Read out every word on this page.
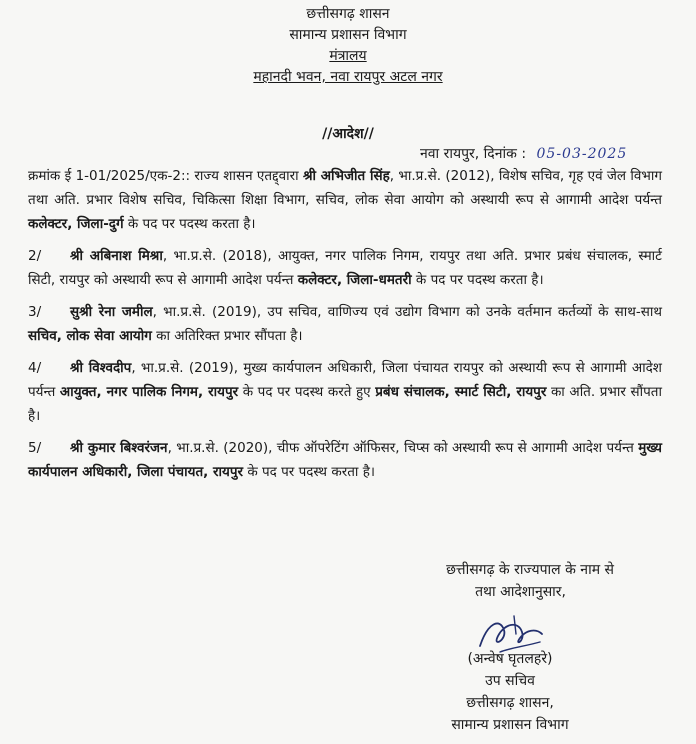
छत्तीसगढ़ शासन
सामान्य प्रशासन विभाग
मंत्रालय
महानदी भवन, नवा रायपुर अटल नगर
//आदेश//
नवा रायपुर, दिनांक : 05-03-2025

क्रमांक ई 1-01/2025/एक-2:: राज्य शासन एतद्द्वारा श्री अभिजीत सिंह, भा.प्र.से. (2012), विशेष सचिव, गृह एवं जेल विभाग तथा अति. प्रभार विशेष सचिव, चिकित्सा शिक्षा विभाग, सचिव, लोक सेवा आयोग को अस्थायी रूप से आगामी आदेश पर्यन्त कलेक्टर, जिला-दुर्ग के पद पर पदस्थ करता है।

2/ श्री अबिनाश मिश्रा, भा.प्र.से. (2018), आयुक्त, नगर पालिक निगम, रायपुर तथा अति. प्रभार प्रबंध संचालक, स्मार्ट सिटी, रायपुर को अस्थायी रूप से आगामी आदेश पर्यन्त कलेक्टर, जिला-धमतरी के पद पर पदस्थ करता है।

3/ सुश्री रेना जमील, भा.प्र.से. (2019), उप सचिव, वाणिज्य एवं उद्योग विभाग को उनके वर्तमान कर्तव्यों के साथ-साथ सचिव, लोक सेवा आयोग का अतिरिक्त प्रभार सौंपता है।

4/ श्री विश्वदीप, भा.प्र.से. (2019), मुख्य कार्यपालन अधिकारी, जिला पंचायत रायपुर को अस्थायी रूप से आगामी आदेश पर्यन्त आयुक्त, नगर पालिक निगम, रायपुर के पद पर पदस्थ करते हुए प्रबंध संचालक, स्मार्ट सिटी, रायपुर का अति. प्रभार सौंपता है।

5/ श्री कुमार बिश्वरंजन, भा.प्र.से. (2020), चीफ ऑपरेटिंग ऑफिसर, चिप्स को अस्थायी रूप से आगामी आदेश पर्यन्त मुख्य कार्यपालन अधिकारी, जिला पंचायत, रायपुर के पद पर पदस्थ करता है।

छत्तीसगढ़ के राज्यपाल के नाम से
तथा आदेशानुसार,
(अन्वेष घृतलहरे)
उप सचिव
छत्तीसगढ़ शासन,
सामान्य प्रशासन विभाग
